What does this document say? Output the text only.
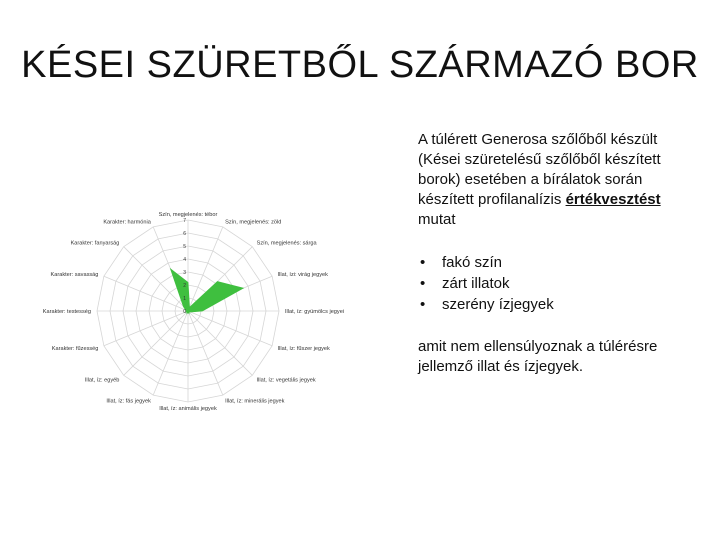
KÉSEI SZÜRETBŐL SZÁRMAZÓ BOR
0
1
2
3
4
5
6
7
Szín, megjelenés: tébor
Szín, megjelenés: zöld
Szín, megjelenés: sárga
Illat, ízi: virág jegyek
Illat, íz: gyümölcs jegyei
Illat, íz: fűszer jegyek
Illat, íz: vegetális jegyek
Illat, íz: minerális jegyek
Illat, íz: animális jegyek
Illat, íz: fás jegyek
Illat, íz: egyéb
Karakter: fűzesség
Karakter: testesség
Karakter: savasság
Karakter: fanyarság
Karakter: harmónia

A túlérett Generosa szőlőből készült (Kései szüretelésű szőlőből készített borok) esetében a bírálatok során készített profilanalízis értékvesztést mutat

• fakó szín
• zárt illatok
• szerény ízjegyek

amit nem ellensúlyoznak a túlérésre jellemző illat és ízjegyek.
